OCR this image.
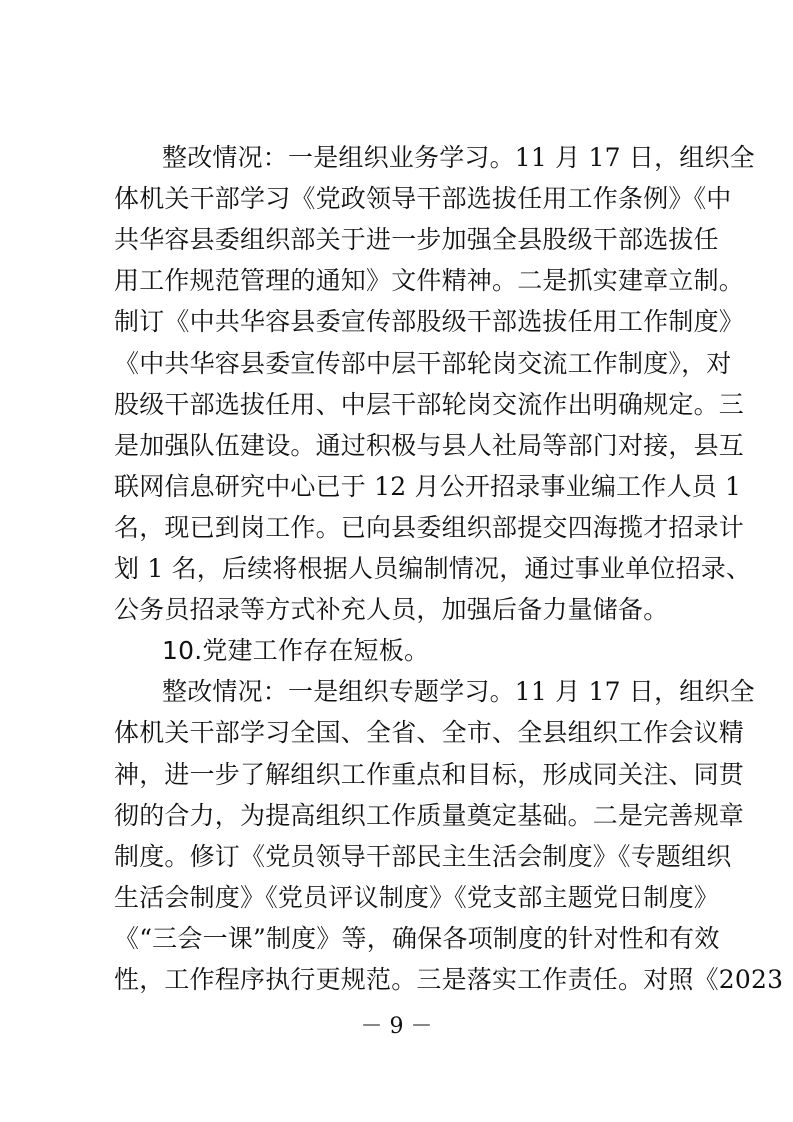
整改情况：一是组织业务学习。11 月 17 日，组织全
体机关干部学习《党政领导干部选拔任用工作条例》《中
共华容县委组织部关于进一步加强全县股级干部选拔任
用工作规范管理的通知》文件精神。二是抓实建章立制。
制订《中共华容县委宣传部股级干部选拔任用工作制度》
《中共华容县委宣传部中层干部轮岗交流工作制度》，对
股级干部选拔任用、中层干部轮岗交流作出明确规定。三
是加强队伍建设。通过积极与县人社局等部门对接，县互
联网信息研究中心已于 12 月公开招录事业编工作人员 1
名，现已到岗工作。已向县委组织部提交四海揽才招录计
划 1 名，后续将根据人员编制情况，通过事业单位招录、
公务员招录等方式补充人员，加强后备力量储备。
10.党建工作存在短板。
整改情况：一是组织专题学习。11 月 17 日，组织全
体机关干部学习全国、全省、全市、全县组织工作会议精
神，进一步了解组织工作重点和目标，形成同关注、同贯
彻的合力，为提高组织工作质量奠定基础。二是完善规章
制度。修订《党员领导干部民主生活会制度》《专题组织
生活会制度》《党员评议制度》《党支部主题党日制度》
《“三会一课”制度》等，确保各项制度的针对性和有效
性，工作程序执行更规范。三是落实工作责任。对照《2023
－ 9 －
